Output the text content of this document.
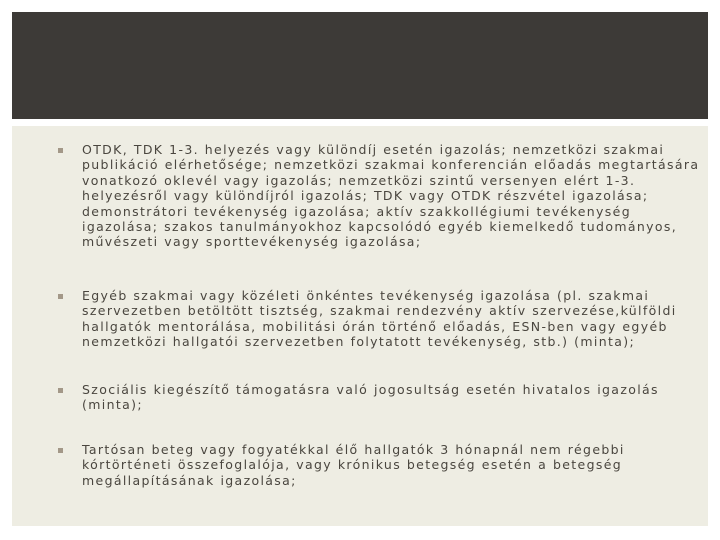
OTDK, TDK 1-3. helyezés vagy különdíj esetén igazolás; nemzetközi szakmai publikáció elérhetősége; nemzetközi szakmai konferencián előadás megtartására vonatkozó oklevél vagy igazolás; nemzetközi szintű versenyen elért 1-3. helyezésről vagy különdíjról igazolás; TDK vagy OTDK részvétel igazolása; demonstrátori tevékenység igazolása; aktív szakkollégiumi tevékenység igazolása; szakos tanulmányokhoz kapcsolódó egyéb kiemelkedő tudományos, művészeti vagy sporttevékenység igazolása;

Egyéb szakmai vagy közéleti önkéntes tevékenység igazolása (pl. szakmai szervezetben betöltött tisztség, szakmai rendezvény aktív szervezése,külföldi hallgatók mentorálása, mobilitási órán történő előadás, ESN-ben vagy egyéb nemzetközi hallgatói szervezetben folytatott tevékenység, stb.) (minta);

Szociális kiegészítő támogatásra való jogosultság esetén hivatalos igazolás (minta);

Tartósan beteg vagy fogyatékkal élő hallgatók 3 hónapnál nem régebbi kórtörténeti összefoglalója, vagy krónikus betegség esetén a betegség megállapításának igazolása;
